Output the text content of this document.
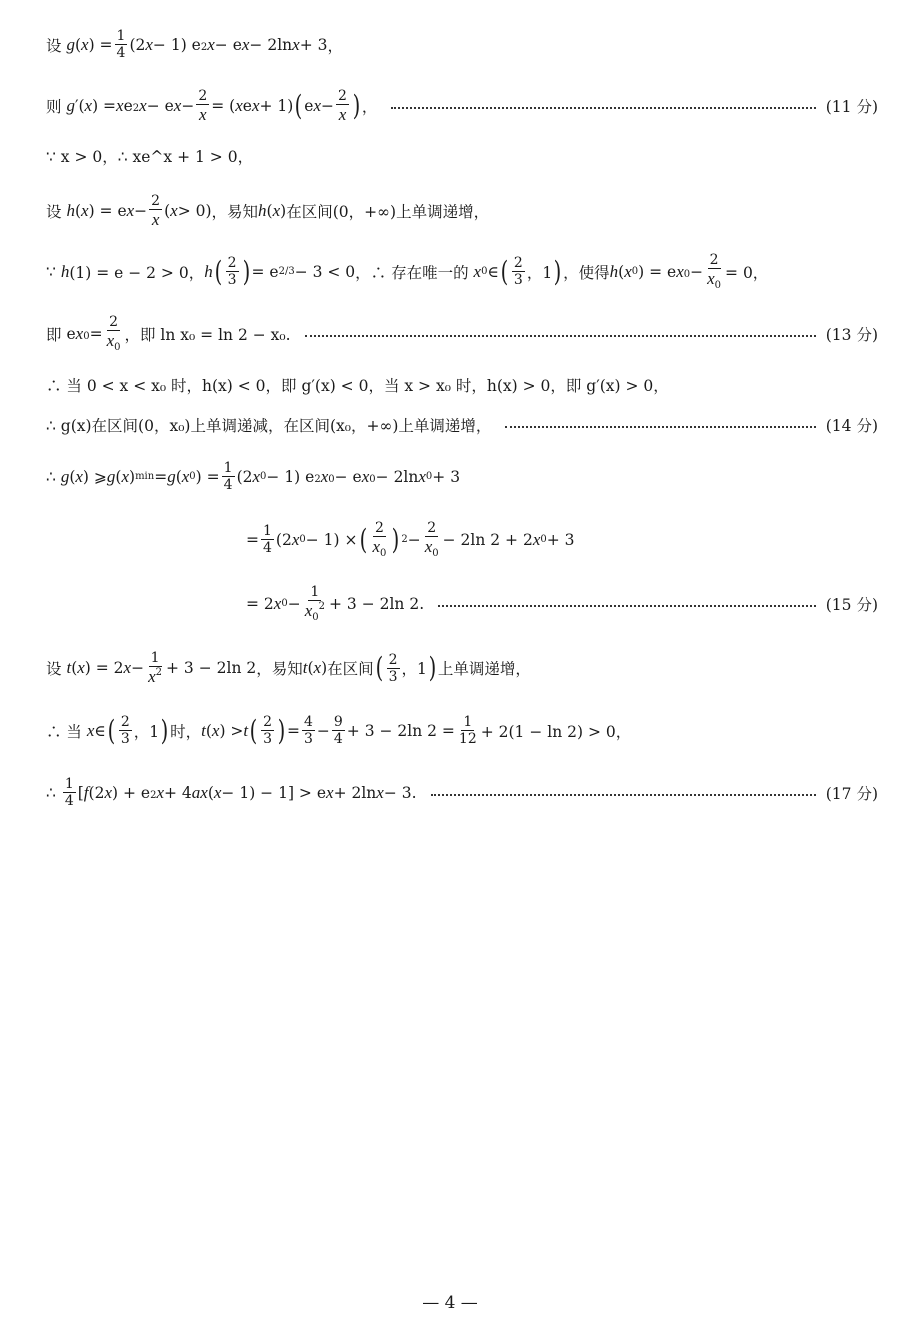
设
g ( x ) = $\frac{1}{4} (2$ x − 1) e 2x − e x − 2ln x + 3 ，
则
g ′( x ) = x e 2x − e $x - \frac{2}{x}$ = ( x e x + 1) ( e $x - \frac{2}{x}$ ) ，	(11 分)
∵ x > 0，∴ xe^x + 1 > 0，
设
h ( x ) = e $x - \frac{2}{x}$ ( x > 0) ，易知 h ( x ) 在区间(0，+∞)上单调递增，
∵
h (1) = e − 2 > 0， h ( $\frac{2}{3}$ ) = e 2/3 − 3 < 0 ，∴ 存在唯一的
x 0 ∈ ( $\frac{2}{3}$ ，1 ) ，使得 h ( x 0 ) = e $x0 - \frac{2}{x_0} = 0$，
即
e $x0 = \frac{2}{x_0}$ ，即 ln x₀ = ln 2 − x₀.	(13 分)
∴ 当 0 < x < x₀ 时，h(x) < 0，即 g′(x) < 0，当 x > x₀ 时，h(x) > 0，即 g′(x) > 0，
∴ g(x)在区间(0，x₀)上单调递减，在区间(x₀，+∞)上单调递增，	(14 分)
∴
g ( x ) ⩾ g ( x ) min = g ( x 0 ) = $\frac{1}{4} (2$ x 0 − 1) e 2x0 − e x0 − 2ln x 0 + 3
= $\frac{1}{4} (2$ x 0 − 1) × ( $\frac{2}{x_0}$ ) $2 - \frac{2}{x_0} - 2\ln$ 2 + 2 x 0 + 3
= 2 x $0 - \frac{1}{x_0^2} + 3 - 2\ln$ 2.	(15 分)
设
t ( x ) = 2 $x - \frac{1}{x^2} + 3 - 2\ln$ 2 ，易知 t ( x ) 在区间 ( $\frac{2}{3}$ ，1 ) 上单调递增，
∴ 当
x ∈ ( $\frac{2}{3}$ ，1 ) 时， t ( x ) > t ( $\frac{2}{3}$ ) = $\frac{4}{3} - \frac{9}{4} + 3 - 2\ln$ $2 = \frac{1}{12} + 2(1 - \ln 2) > 0$，
∴
$\frac{1}{4}$ [ f (2 x ) + e 2x + 4 ax ( x − 1) − 1] > e x + 2ln x − 3.	(17 分)
— 4 —
